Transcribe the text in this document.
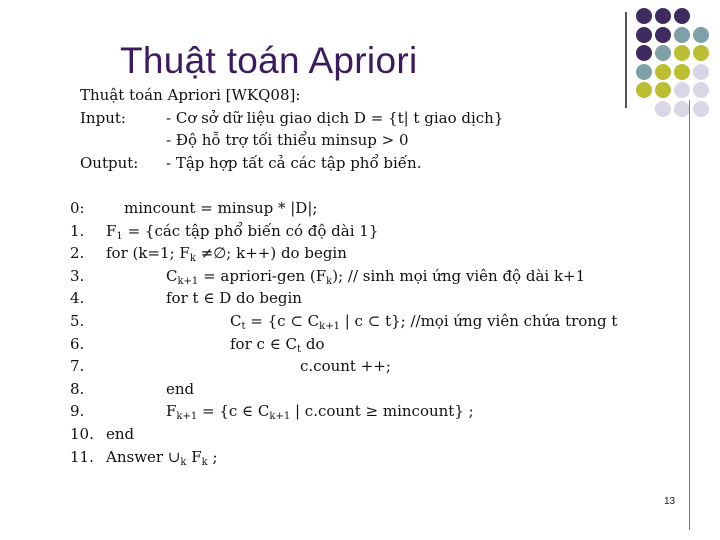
Thuật toán Apriori
Thuật toán Apriori [WKQ08]:
Input:	- Cơ sở dữ liệu giao dịch D = {t| t giao dịch}
- Độ hỗ trợ tối thiểu minsup > 0
Output: - Tập hợp tất cả các tập phổ biến.
0:	mincount = minsup * |D|;
1. $F_1$ = {các tập phổ biến có độ dài 1}
2. for (k=1; $F_k$ ≠∅; k++) do begin
3.	$C_{k+1}$ = apriori-gen $(F_k)$; // sinh mọi ứng viên độ dài k+1
4.	for t ∈ D do begin
5.	$C_t = \{c$ ⊂ $C_{k+1}$ | c ⊂ t}; //mọi ứng viên chứa trong t
6.	for c ∈ $C_t$ do
7.	c.count ++;
8.	end
9.	$F_{k+1} = \{c$ ∈ $C_{k+1}$ | c.count ≥ mincount} ;
10. end
11. Answer $\cup_k$ $F_k$ ;
13
